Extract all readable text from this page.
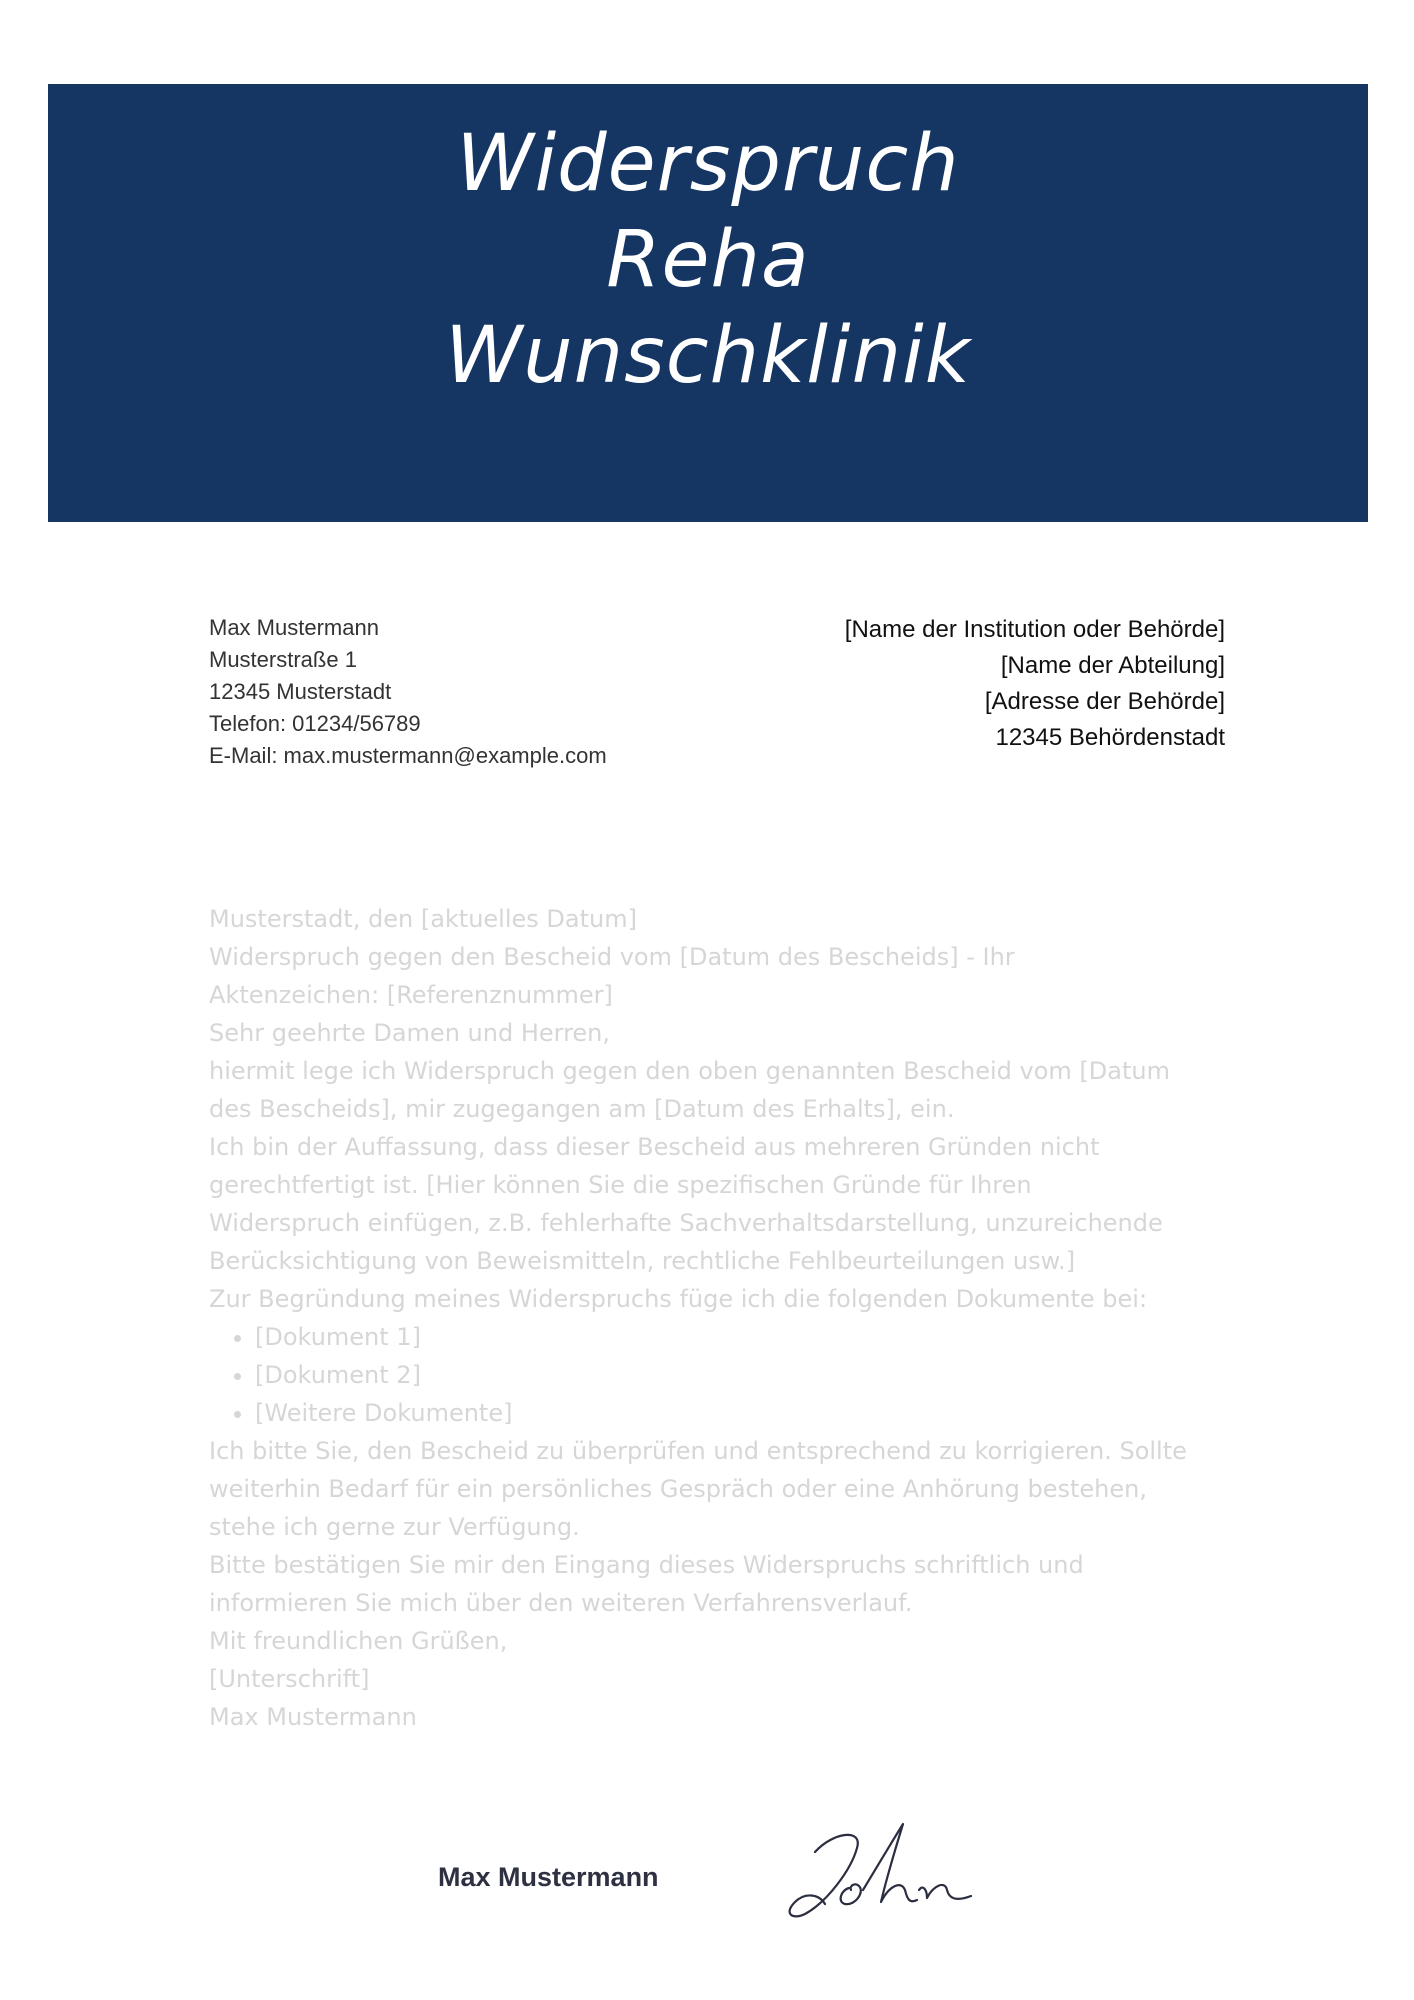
Widerspruch
Reha
Wunschklinik
Max Mustermann
Musterstraße 1
12345 Musterstadt
Telefon: 01234/56789
E-Mail: max.mustermann@example.com
[Name der Institution oder Behörde]
[Name der Abteilung]
[Adresse der Behörde]
12345 Behördenstadt

Musterstadt, den [aktuelles Datum]

Widerspruch gegen den Bescheid vom [Datum des Bescheids] - Ihr Aktenzeichen: [Referenznummer]

Sehr geehrte Damen und Herren,

hiermit lege ich Widerspruch gegen den oben genannten Bescheid vom [Datum des Bescheids], mir zugegangen am [Datum des Erhalts], ein.

Ich bin der Auffassung, dass dieser Bescheid aus mehreren Gründen nicht gerechtfertigt ist. [Hier können Sie die spezifischen Gründe für Ihren Widerspruch einfügen, z.B. fehlerhafte Sachverhaltsdarstellung, unzureichende Berücksichtigung von Beweismitteln, rechtliche Fehlbeurteilungen usw.]

Zur Begründung meines Widerspruchs füge ich die folgenden Dokumente bei:

• [Dokument 1]
• [Dokument 2]
• [Weitere Dokumente]

Ich bitte Sie, den Bescheid zu überprüfen und entsprechend zu korrigieren. Sollte weiterhin Bedarf für ein persönliches Gespräch oder eine Anhörung bestehen, stehe ich gerne zur Verfügung.

Bitte bestätigen Sie mir den Eingang dieses Widerspruchs schriftlich und informieren Sie mich über den weiteren Verfahrensverlauf.

Mit freundlichen Grüßen,

[Unterschrift]

Max Mustermann

Max Mustermann
